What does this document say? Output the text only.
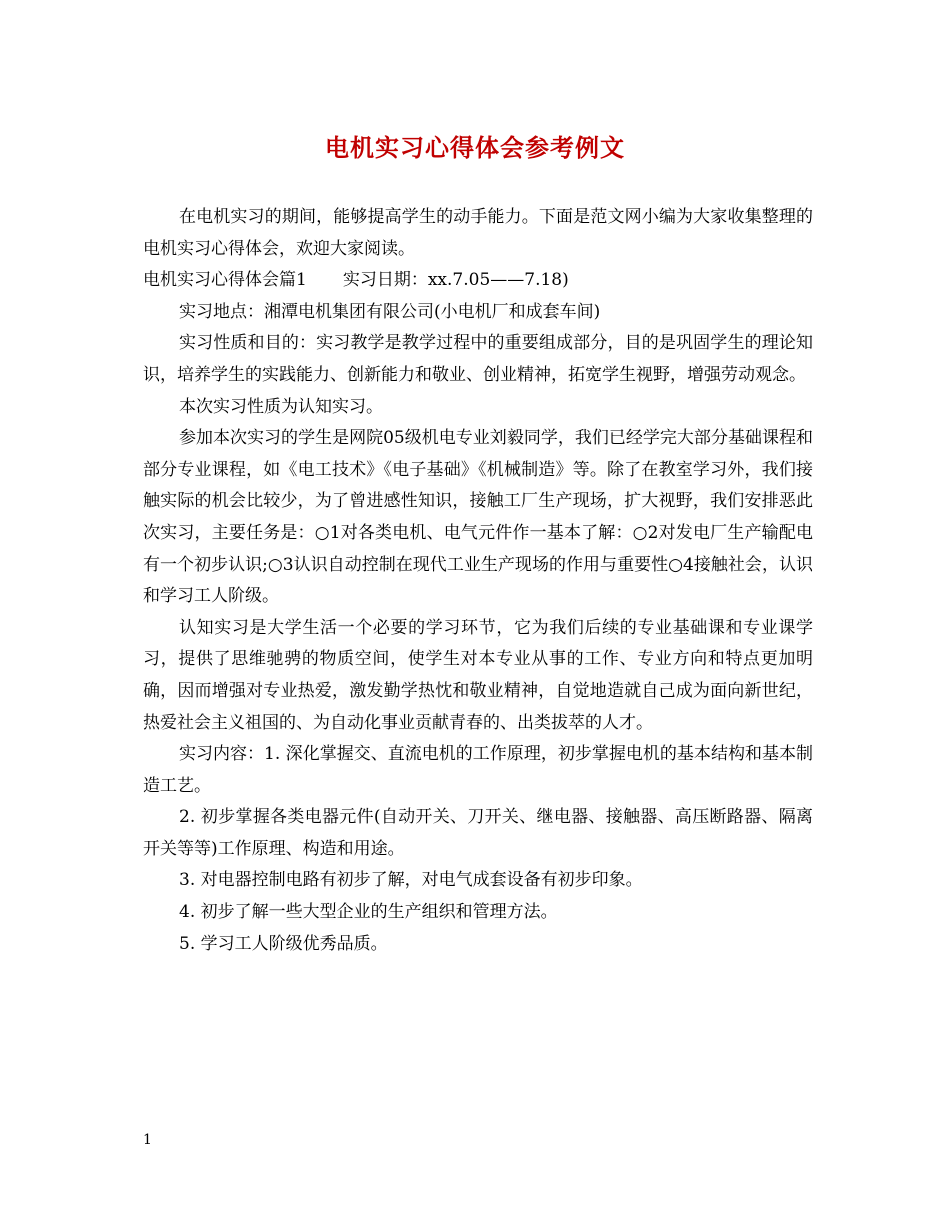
电机实习心得体会参考例文

在电机实习的期间，能够提高学生的动手能力。下面是范文网小编为大家收集整理的电机实习心得体会，欢迎大家阅读。

电机实习心得体会篇1 实习日期：xx.7.05——7.18)

实习地点：湘潭电机集团有限公司(小电机厂和成套车间)

实习性质和目的：实习教学是教学过程中的重要组成部分，目的是巩固学生的理论知识，培养学生的实践能力、创新能力和敬业、创业精神，拓宽学生视野，增强劳动观念。

本次实习性质为认知实习。

参加本次实习的学生是网院05级机电专业刘毅同学，我们已经学完大部分基础课程和部分专业课程，如《电工技术》《电子基础》《机械制造》等。除了在教室学习外，我们接触实际的机会比较少，为了曾进感性知识，接触工厂生产现场，扩大视野，我们安排恶此次实习，主要任务是：○1对各类电机、电气元件作一基本了解：○2对发电厂生产输配电有一个初步认识;○3认识自动控制在现代工业生产现场的作用与重要性○4接触社会，认识和学习工人阶级。

认知实习是大学生活一个必要的学习环节，它为我们后续的专业基础课和专业课学习，提供了思维驰骋的物质空间，使学生对本专业从事的工作、专业方向和特点更加明确，因而增强对专业热爱，激发勤学热忱和敬业精神，自觉地造就自己成为面向新世纪，热爱社会主义祖国的、为自动化事业贡献青春的、出类拔萃的人才。

实习内容：1. 深化掌握交、直流电机的工作原理，初步掌握电机的基本结构和基本制造工艺。

2. 初步掌握各类电器元件(自动开关、刀开关、继电器、接触器、高压断路器、隔离开关等等)工作原理、构造和用途。

3. 对电器控制电路有初步了解，对电气成套设备有初步印象。

4. 初步了解一些大型企业的生产组织和管理方法。

5. 学习工人阶级优秀品质。

1
